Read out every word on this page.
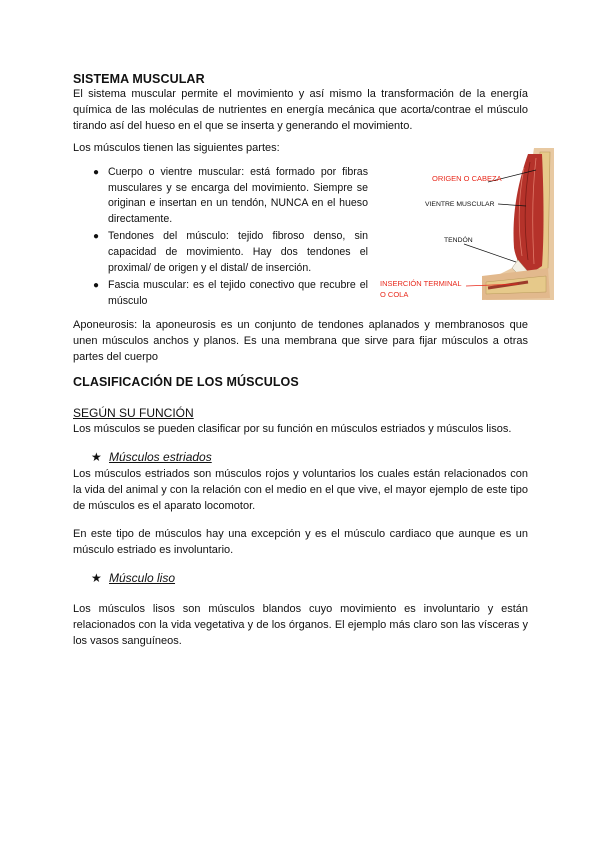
SISTEMA MUSCULAR
El sistema muscular permite el movimiento y así mismo la transformación de la energía química de las moléculas de nutrientes en energía mecánica que acorta/contrae el músculo tirando así del hueso en el que se inserta y generando el movimiento.
Los músculos tienen las siguientes partes:
● Cuerpo o vientre muscular: está formado por fibras musculares y se encarga del movimiento. Siempre se originan e insertan en un tendón, NUNCA en el hueso directamente.
● Tendones del músculo: tejido fibroso denso, sin capacidad de movimiento. Hay dos tendones el proximal/ de origen y el distal/ de inserción.
● Fascia muscular: es el tejido conectivo que recubre el músculo
ORIGEN O CABEZA
VIENTRE MUSCULAR
TENDÓN
INSERCIÓN TERMINAL
O COLA
Aponeurosis: la aponeurosis es un conjunto de tendones aplanados y membranosos que unen músculos anchos y planos. Es una membrana que sirve para fijar músculos a otras partes del cuerpo
CLASIFICACIÓN DE LOS MÚSCULOS
SEGÚN SU FUNCIÓN
Los músculos se pueden clasificar por su función en músculos estriados y músculos lisos.
★ Músculos estriados
Los músculos estriados son músculos rojos y voluntarios los cuales están relacionados con la vida del animal y con la relación con el medio en el que vive, el mayor ejemplo de este tipo de músculos es el aparato locomotor.
En este tipo de músculos hay una excepción y es el músculo cardiaco que aunque es un músculo estriado es involuntario.
★ Músculo liso
Los músculos lisos son músculos blandos cuyo movimiento es involuntario y están relacionados con la vida vegetativa y de los órganos. El ejemplo más claro son las vísceras y los vasos sanguíneos.
